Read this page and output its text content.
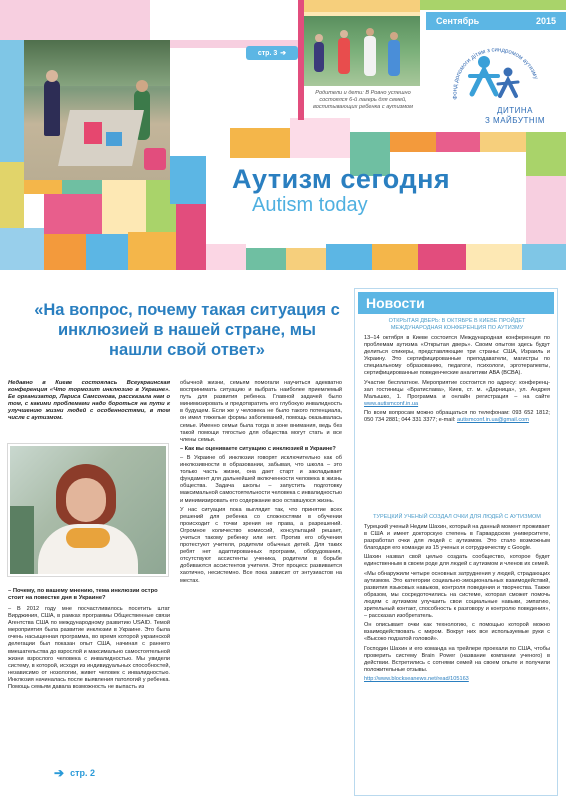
стр. 3 ➔
Родители и дети: В Ровно успешно состоялся 6-й лагерь для семей, воспитывающих ребенка с аутизмом
Сентябрь	2015
Фонд допомоги дітям з синдромом аутизму
ДИТИНА
З МАЙБУТНІМ
Аутизм сегодня
Autism today
«На вопрос, почему такая ситуация с инклюзией в нашей стране, мы нашли свой ответ»
Недавно в Киеве состоялась Всеукраинская конференция «Что тормозит инклюзию в Украине». Ее организатор, Лариса Самсонова, рассказала нам о том, с какими проблемами надо бороться на пути к улучшению жизни людей с особенностями, в том числе с аутизмом.
– Почему, по вашему мнению, тема инклюзии остро стоит на повестке дня в Украине?
– В 2012 году мне посчастливилось посетить штат Вирджиния, США, в рамках программы Общественные связи Агентства США по международному развитию USAID. Темой мероприятия была развитие инклюзии в Украине. Это была очень насыщенная программа, во время которой украинской делегации был показан опыт США, начиная с раннего вмешательства до взрослой и максимально самостоятельной жизни взрослого человека с инвалидностью. Мы увидели систему, в которой, исходя из индивидуальных способностей, независимо от нозологии, живет человек с инвалидностью. Инклюзия начиналась после выявления патологий у ребенка. Помощь семьям давала возможность не выпасть из
➔ стр. 2

обычной жизни, семьям помогали научиться адекватно воспринимать ситуацию и выбрать наиболее приемлемый путь для развития ребенка. Главной задачей было минимизировать и предотвратить его глубокую инвалидность в будущем. Если же у человека не было такого потенциала, он имел тяжелые формы заболеваний, помощь оказывалась семье. Именно семьи была тогда в зоне внимания, ведь без такой помощи тягостью для общества могут стать и все члены семьи.

– Как вы оцениваете ситуацию с инклюзией в Украине?

– В Украине об инклюзии говорят исключительно как об инклюзивности в образовании, забывая, что школа – это только часть жизни, она дает старт и закладывает фундамент для дальнейшей включенности человека в жизнь общества. Задача школы – запустить подготовку максимальной самостоятельности человека с инвалидностью и минимизировать его содержание всю оставшуюся жизнь.

У нас ситуация пока выглядит так, что принятие всех решений для ребенка со сложностями в обучении происходит с точки зрения не права, а разрешений. Огромное количество комиссий, консультаций решает, учиться такому ребенку или нет. Против его обучения протестуют учителя, родители обычных детей. Для таких ребят нет адаптированных программ, оборудования, отсутствуют ассистенты ученика, родители в борьбе добиваются ассистентов учителя. Этот процесс развивается хаотично, несистемно. Все пока зависит от энтузиастов на местах.

Новости
ОТКРЫТАЯ ДВЕРЬ: В ОКТЯБРЕ В КИЕВЕ ПРОЙДЕТ МЕЖДУНАРОДНАЯ КОНФЕРЕНЦИЯ ПО АУТИЗМУ

13–14 октября в Киеве состоится Международная конференция по проблемам аутизма «Открытая дверь». Своим опытом здесь будут делиться спикеры, представляющие три страны: США, Израиль и Украину. Это сертифицированные преподаватели, магистры по специальному образованию, педагоги, психологи, эрготерапевты, сертифицированные поведенческие аналитики АВА (BCBA).

Участие бесплатное. Мероприятие состоится по адресу: конференц-зал гостиницы «Братислава», Киев, ст. м. «Дарница», ул. Андрея Малышко, 1. Программа и онлайн регистрация – на сайте www.autismconf.in.ua

По всем вопросам можно обращаться по телефонам: 093 652 1812; 050 734 2881; 044 331 3377; e-mail: autismconf.in.ua@gmail.com

ТУРЕЦКИЙ УЧЕНЫЙ СОЗДАЛ ОЧКИ ДЛЯ ЛЮДЕЙ С АУТИЗМОМ

Турецкий ученый Недим Шахин, который на данный момент проживает в США и имеет докторскую степень в Гарвардском университете, разработал очки для людей с аутизмом. Это стало возможным благодаря его команде из 15 ученых и сотрудничеству с Google.

Шахин назвал свой целью создать сообщество, которое будет единственным в своем роде для людей с аутизмом и членов их семей.

«Мы обнаружили четыре основных затруднения у людей, страдающих аутизмом. Это категории социально-эмоциональных взаимодействий, развития языковых навыков, контроля поведения и творчества. Также образом, мы сосредоточились на системе, которая сможет помочь людям с аутизмом улучшить свои социальные навыки, эмпатию, зрительный контакт, способность к разговору и контролю поведения», – рассказал изобретатель.

Он описывает очки как технологию, с помощью которой можно взаимодействовать с миром. Вокруг них все используемые руки с «Высоко подзатой головой».

Господин Шахин и его команда на трейлере проехали по США, чтобы проверить систему Brain Power (название компании ученого) в действии. Встретились с сотнями семей на своем опыте и получили положительные отзывы.

http://www.blockseanews.net/read/105163
